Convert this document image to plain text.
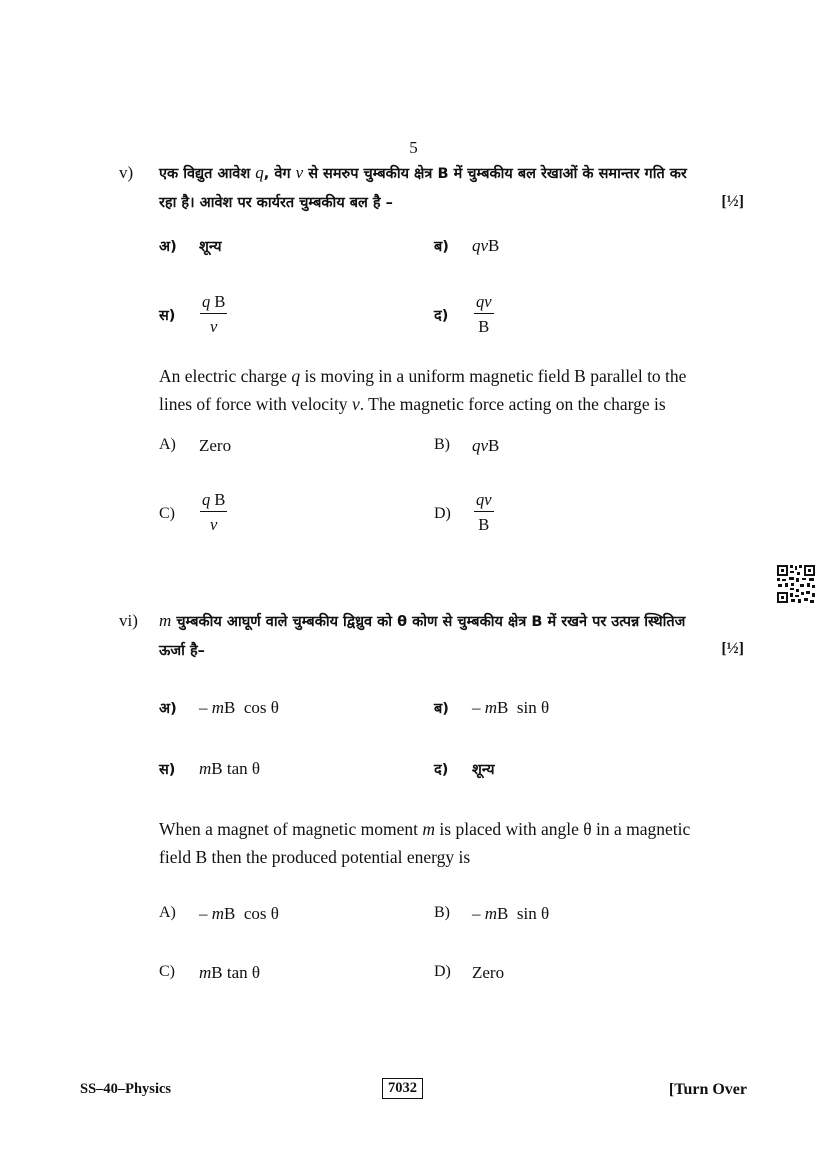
5
v) एक विद्युत आवेश q, वेग v से समरुप चुम्बकीय क्षेत्र B में चुम्बकीय बल रेखाओं के समान्तर गति कर
रहा है। आवेश पर कार्यरत चुम्बकीय बल है –	[½]
अ) शून्य	ब) qvB
स) $\frac{\text{q B}}{v}$	द) $\frac{qv}{B}$
An electric charge q is moving in a uniform magnetic field B parallel to the
lines of force with velocity v. The magnetic force acting on the charge is
A) Zero	B) qvB
$C) \frac{\text{q B}}{v}$	$D) \frac{qv}{B}$
vi) m चुम्बकीय आघूर्ण वाले चुम्बकीय द्विध्रुव को θ कोण से चुम्बकीय क्षेत्र B में रखने पर उत्पन्न स्थितिज
ऊर्जा है–	[½]
अ) – mB  cos θ	ब) – mB  sin θ
स) mB tan θ	द) शून्य
When a magnet of magnetic moment m is placed with angle θ in a magnetic
field B then the produced potential energy is
A) – mB  cos θ	B) – mB  sin θ
C) mB tan θ	D) Zero
SS–40–Physics	7032	[Turn Over
